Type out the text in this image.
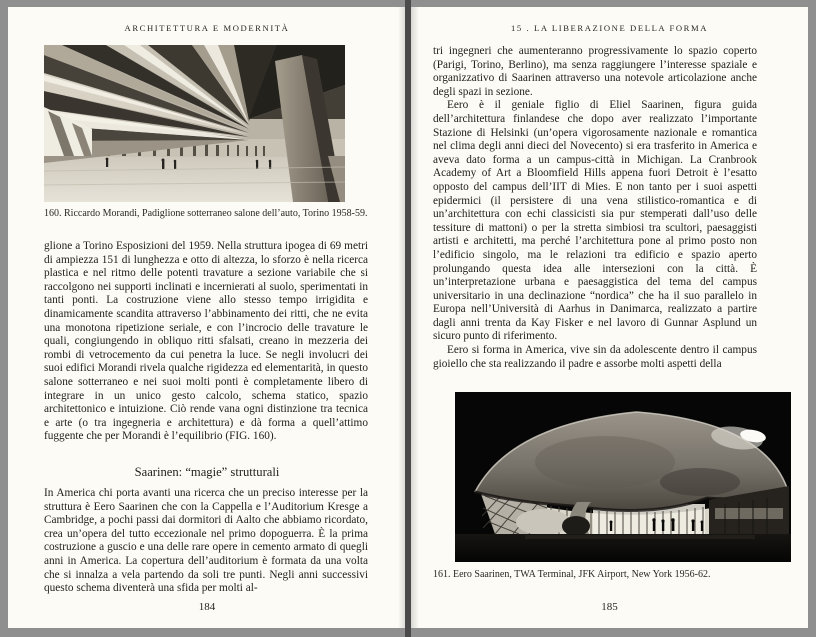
ARCHITETTURA E MODERNITÀ
160. Riccardo Morandi, Padiglione sotterraneo salone dell’auto, Torino 1958-59.

glione a Torino Esposizioni del 1959. Nella struttura ipogea di 69 metri di ampiezza 151 di lunghezza e otto di altezza, lo sforzo è nella ricerca plastica e nel ritmo delle potenti travature a sezione variabile che si raccolgono nei supporti inclinati e incernierati al suolo, sperimentati in tanti ponti. La costruzione viene allo stesso tempo irrigidita e dinamicamente scandita attraverso l’abbinamento dei ritti, che ne evita una monotona ripetizione seriale, e con l’incrocio delle travature le quali, congiungendo in obliquo ritti sfalsati, creano in mezzeria dei rombi di vetrocemento da cui penetra la luce. Se negli involucri dei suoi edifici Morandi rivela qualche rigidezza ed elementarità, in questo salone sotterraneo e nei suoi molti ponti è completamente libero di integrare in un unico gesto calcolo, schema statico, spazio architettonico e intuizione. Ciò rende vana ogni distinzione tra tecnica e arte (o tra ingegneria e architettura) e dà forma a quell’attimo fuggente che per Morandi è l’equilibrio (FIG. 160).

Saarinen: “magie” strutturali

In America chi porta avanti una ricerca che un preciso interesse per la struttura è Eero Saarinen che con la Cappella e l’Auditorium Kresge a Cambridge, a pochi passi dai dormitori di Aalto che abbiamo ricordato, crea un’opera del tutto eccezionale nel primo dopoguerra. È la prima costruzione a guscio e una delle rare opere in cemento armato di quegli anni in America. La copertura dell’auditorium è formata da una volta che si innalza a vela partendo da soli tre punti. Negli anni successivi questo schema diventerà una sfida per molti al-

184
15 . LA LIBERAZIONE DELLA FORMA

tri ingegneri che aumenteranno progressivamente lo spazio coperto (Parigi, Torino, Berlino), ma senza raggiungere l’interesse spaziale e organizzativo di Saarinen attraverso una notevole articolazione anche degli spazi in sezione.

Eero è il geniale figlio di Eliel Saarinen, figura guida dell’architettura finlandese che dopo aver realizzato l’importante Stazione di Helsinki (un’opera vigorosamente nazionale e romantica nel clima degli anni dieci del Novecento) si era trasferito in America e aveva dato forma a un campus-città in Michigan. La Cranbrook Academy of Art a Bloomfield Hills appena fuori Detroit è l’esatto opposto del campus dell’IIT di Mies. E non tanto per i suoi aspetti epidermici (il persistere di una vena stilistico-romantica e di un’architettura con echi classicisti sia pur stemperati dall’uso delle tessiture di mattoni) o per la stretta simbiosi tra scultori, paesaggisti artisti e architetti, ma perché l’architettura pone al primo posto non l’edificio singolo, ma le relazioni tra edificio e spazio aperto prolungando questa idea alle intersezioni con la città. È un’interpretazione urbana e paesaggistica del tema del campus universitario in una declinazione “nordica” che ha il suo parallelo in Europa nell’Università di Aarhus in Danimarca, realizzato a partire dagli anni trenta da Kay Fisker e nel lavoro di Gunnar Asplund un sicuro punto di riferimento.

Eero si forma in America, vive sin da adolescente dentro il campus gioiello che sta realizzando il padre e assorbe molti aspetti della

161. Eero Saarinen, TWA Terminal, JFK Airport, New York 1956-62.
185
